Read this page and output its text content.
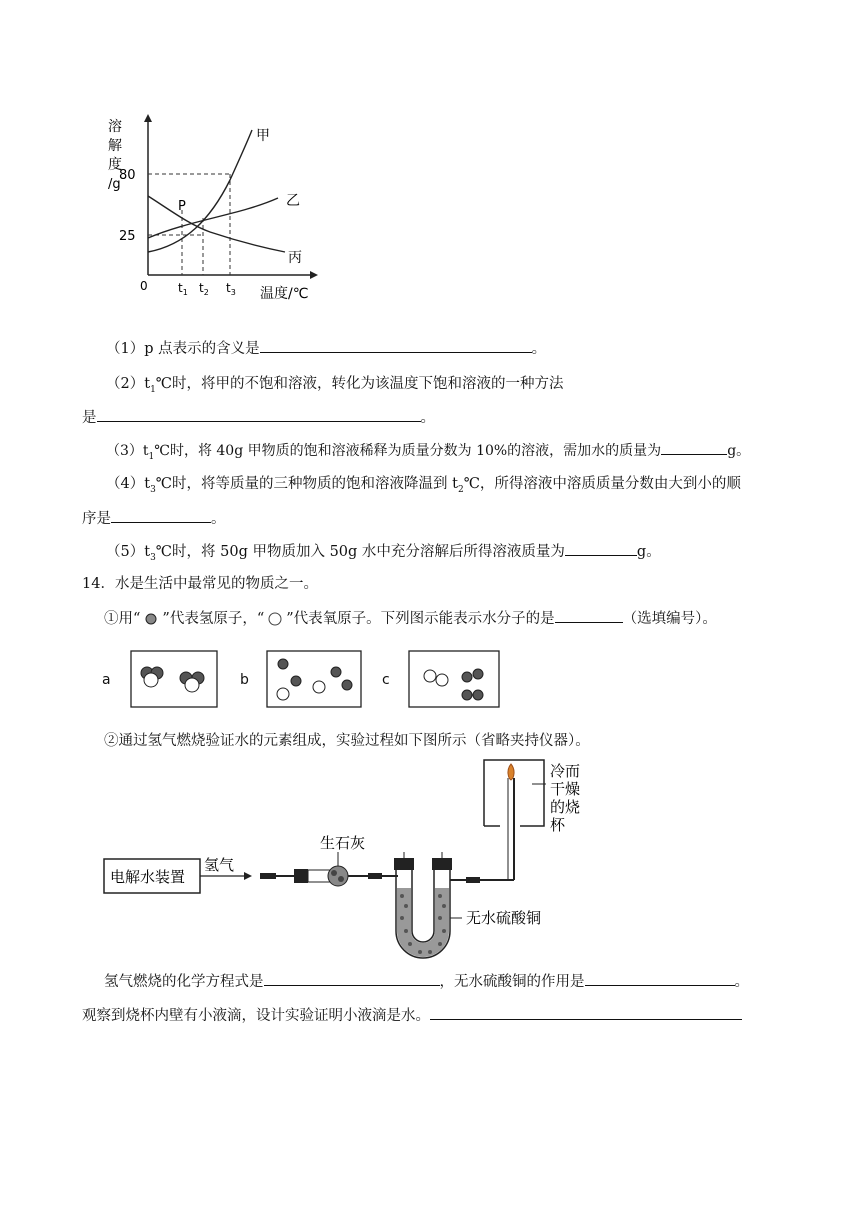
溶
解
度
/g
80
25
0	$t_1$ $t_2$ $t_3$ 温度/℃
P
甲
乙
丙
（1）p 点表示的含义是	。
$(2)t_1℃$时，将甲的不饱和溶液，转化为该温度下饱和溶液的一种方法
是	。
$(3)t_1℃$时，将 40g 甲物质的饱和溶液稀释为质量分数为 10%的溶液，需加水的质量为	g。
$(4)t_3℃$时，将等质量的三种物质的饱和溶液降温到 $t_2℃$，所得溶液中溶质质量分数由大到小的顺
序是	。
$(5)t_3℃$时，将 50g 甲物质加入 50g 水中充分溶解后所得溶液质量为	g。
14．水是生活中最常见的物质之一。
①用“ ”代表氢原子，“ ”代表氧原子。下列图示能表示水分子的是	（选填编号）。
a	b	c
②通过氢气燃烧验证水的元素组成，实验过程如下图所示（省略夹持仪器）。
电解水装置
氢气
生石灰
无水硫酸铜
冷而
干燥
的烧
杯
氢气燃烧的化学方程式是	，无水硫酸铜的作用是	。
观察到烧杯内壁有小液滴，设计实验证明小液滴是水。
